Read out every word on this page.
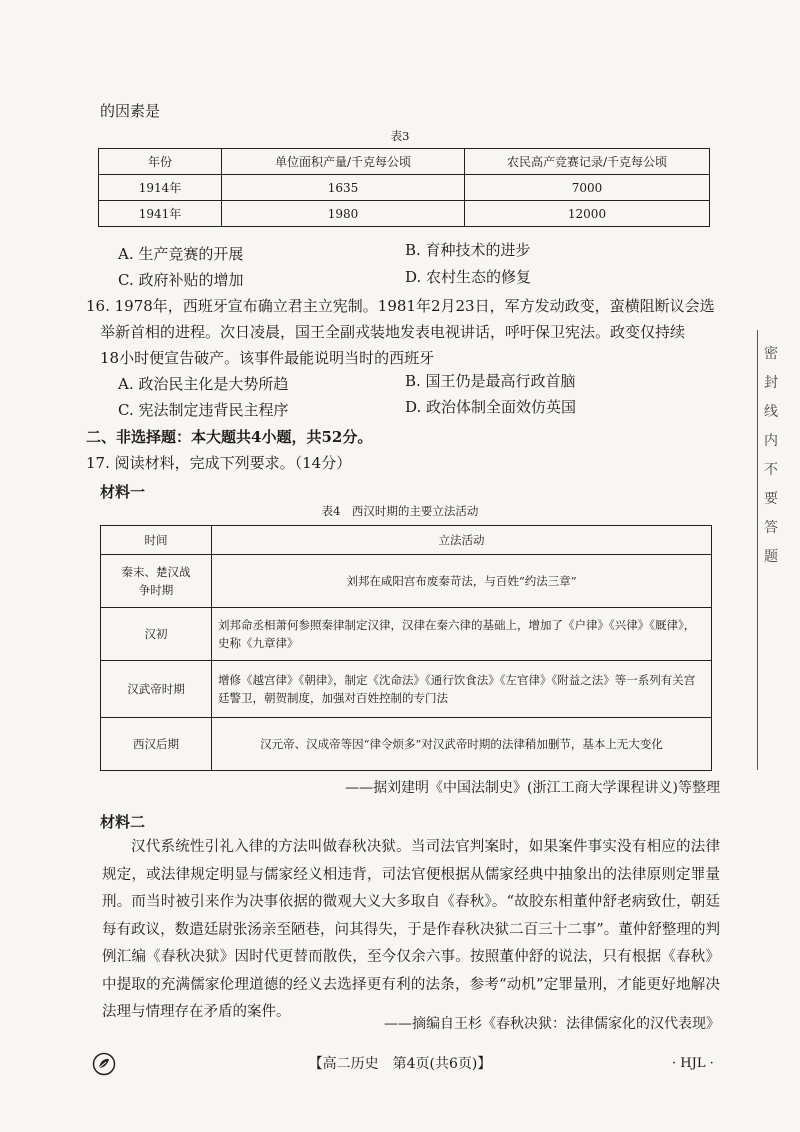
的因素是
表3
年份	单位面积产量/千克每公顷	农民高产竞赛记录/千克每公顷
1914年	1635	7000
1941年	1980	12000
A. 生产竞赛的开展	B. 育种技术的进步
C. 政府补贴的增加	D. 农村生态的修复
16. 1978年，西班牙宣布确立君主立宪制。1981年2月23日，军方发动政变，蛮横阻断议会选
举新首相的进程。次日凌晨，国王全副戎装地发表电视讲话，呼吁保卫宪法。政变仅持续
18小时便宣告破产。该事件最能说明当时的西班牙
A. 政治民主化是大势所趋	B. 国王仍是最高行政首脑
C. 宪法制定违背民主程序	D. 政治体制全面效仿英国
二、非选择题：本大题共4小题，共52分。
17. 阅读材料，完成下列要求。（14分）
材料一
表4　西汉时期的主要立法活动
时间	立法活动
秦末、楚汉战争时期	刘邦在咸阳宫布废秦苛法，与百姓“约法三章”
汉初	刘邦命丞相萧何参照秦律制定汉律，汉律在秦六律的基础上，增加了《户律》《兴律》《厩律》，史称《九章律》
汉武帝时期	增修《越宫律》《朝律》，制定《沈命法》《通行饮食法》《左官律》《附益之法》等一系列有关宫廷警卫，朝贺制度，加强对百姓控制的专门法
西汉后期	汉元帝、汉成帝等因“律令烦多”对汉武帝时期的法律稍加删节，基本上无大变化
——据刘建明《中国法制史》(浙江工商大学课程讲义)等整理
材料二
汉代系统性引礼入律的方法叫做春秋决狱。当司法官判案时，如果案件事实没有相应的法律规定，或法律规定明显与儒家经义相违背，司法官便根据从儒家经典中抽象出的法律原则定罪量刑。而当时被引来作为决事依据的微观大义大多取自《春秋》。“故胶东相董仲舒老病致仕，朝廷每有政议，数遣廷尉张汤亲至陋巷，问其得失，于是作春秋决狱二百三十二事”。董仲舒整理的判例汇编《春秋决狱》因时代更替而散佚，至今仅余六事。按照董仲舒的说法，只有根据《春秋》中提取的充满儒家伦理道德的经义去选择更有利的法条，参考“动机”定罪量刑，才能更好地解决法理与情理存在矛盾的案件。
——摘编自王杉《春秋决狱：法律儒家化的汉代表现》
【高二历史　第4页(共6页)】	· HJL ·
密
封
线
内
不
要
答
题
